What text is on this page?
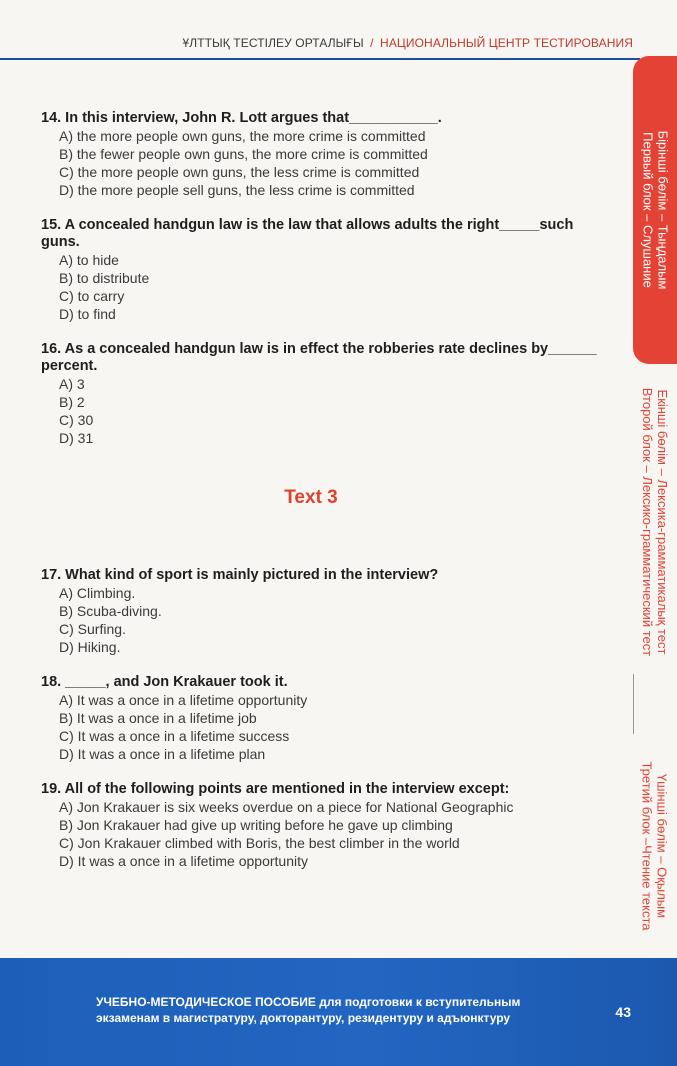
ҰЛТТЫҚ ТЕСТІЛЕУ ОРТАЛЫҒЫ / НАЦИОНАЛЬНЫЙ ЦЕНТР ТЕСТИРОВАНИЯ
14. In this interview, John R. Lott argues that___________.
A) the more people own guns, the more crime is committed
B) the fewer people own guns, the more crime is committed
C) the more people own guns, the less crime is committed
D) the more people sell guns, the less crime is committed
15. A concealed handgun law is the law that allows adults the right_____such guns.
A) to hide
B) to distribute
C) to carry
D) to find
16. As a concealed handgun law is in effect the robberies rate declines by______ percent.
A) 3
B) 2
C) 30
D) 31
Text 3
17. What kind of sport is mainly pictured in the interview?
A) Climbing.
B) Scuba-diving.
C) Surfing.
D) Hiking.
18. _____, and Jon Krakauer took it.
A) It was a once in a lifetime opportunity
B) It was a once in a lifetime job
C) It was a once in a lifetime success
D) It was a once in a lifetime plan
19. All of the following points are mentioned in the interview except:
A) Jon Krakauer is six weeks overdue on a piece for National Geographic
B) Jon Krakauer had give up writing before he gave up climbing
C) Jon Krakauer climbed with Boris, the best climber in the world
D) It was a once in a lifetime opportunity
Бірінші бөлім – Тыңдалым
Первый блок – Слушание
Екінші бөлім – Лексика-грамматикалық тест
Второй блок – Лексико-грамматический тест
Үшінші бөлім – Оқылым
Третий блок –Чтение текста
УЧЕБНО-МЕТОДИЧЕСКОЕ ПОСОБИЕ для подготовки к вступительным экзаменам в магистратуру, докторантуру, резидентуру и адъюнктуру	43
